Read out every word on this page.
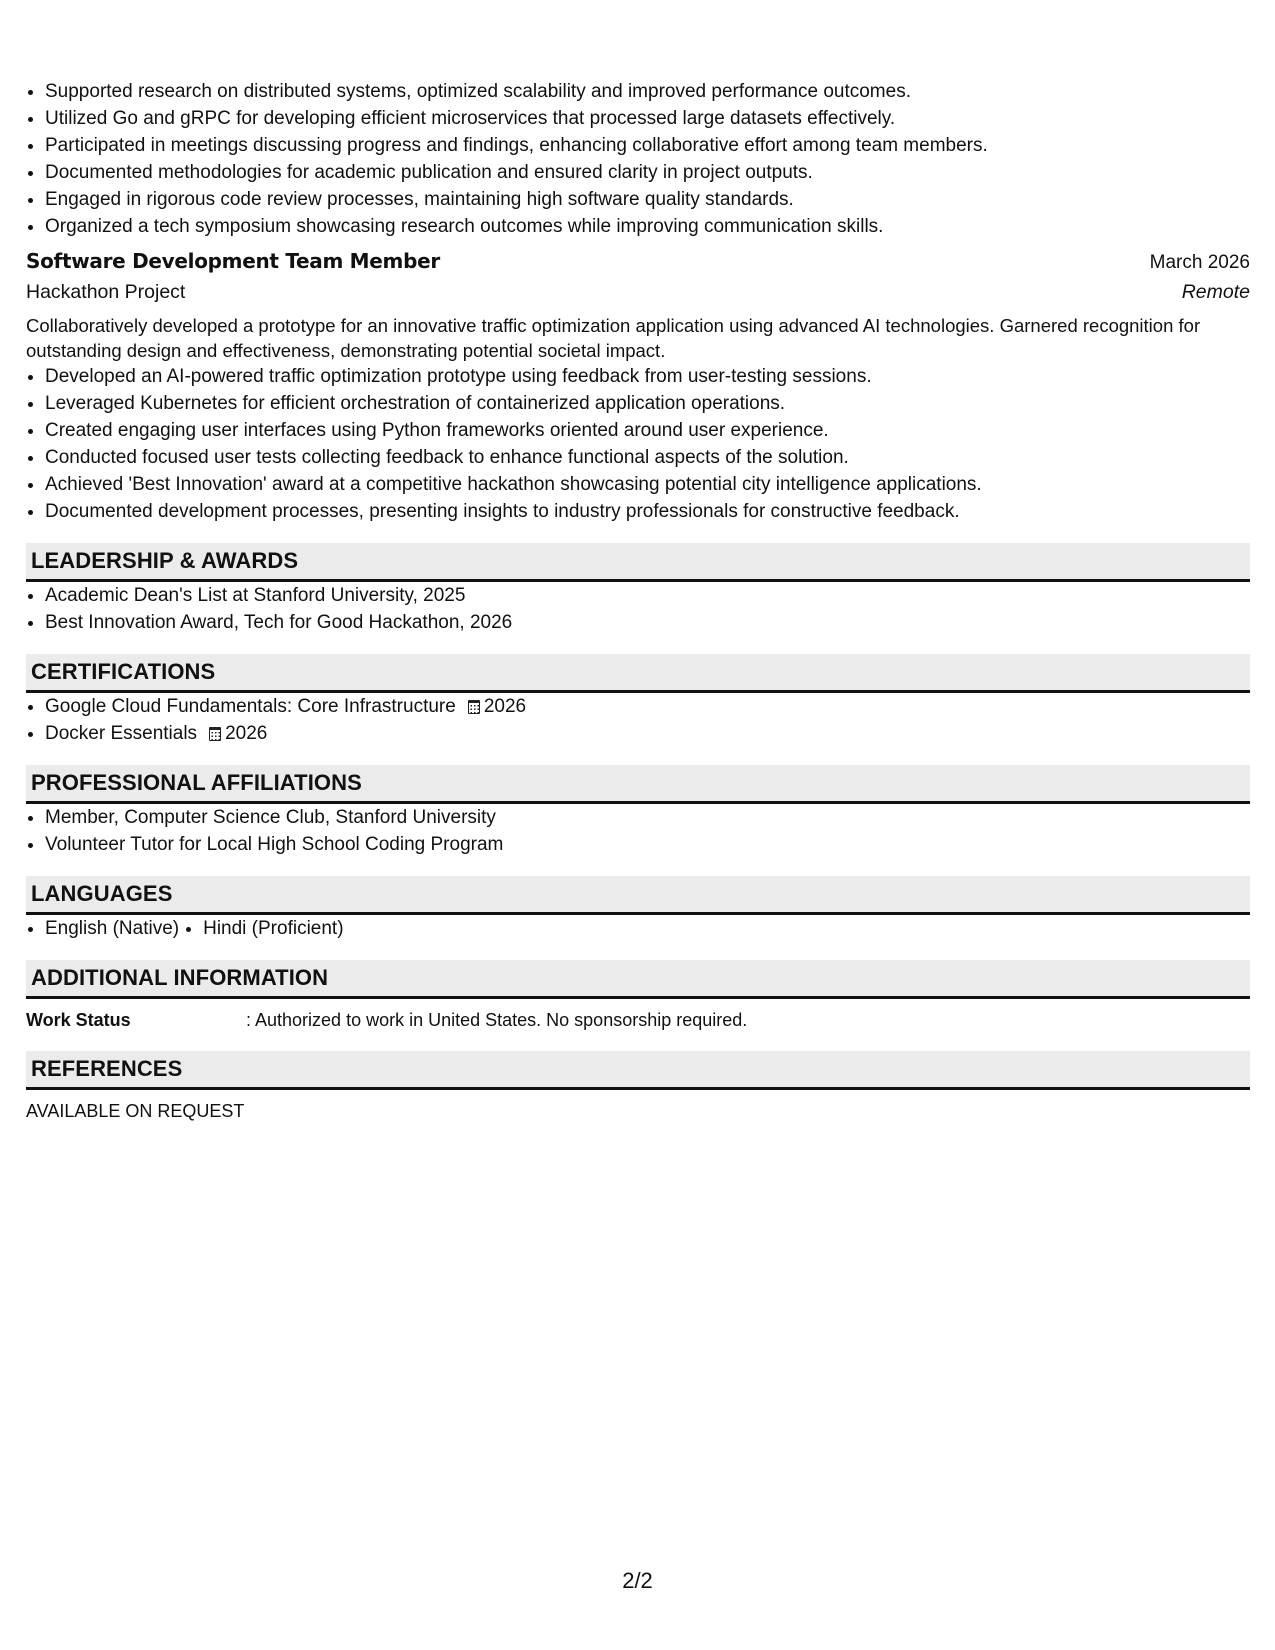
• Supported research on distributed systems, optimized scalability and improved performance outcomes.
• Utilized Go and gRPC for developing efficient microservices that processed large datasets effectively.
• Participated in meetings discussing progress and findings, enhancing collaborative effort among team members.
• Documented methodologies for academic publication and ensured clarity in project outputs.
• Engaged in rigorous code review processes, maintaining high software quality standards.
• Organized a tech symposium showcasing research outcomes while improving communication skills.
Software Development Team Member	March 2026
Hackathon Project	Remote
Collaboratively developed a prototype for an innovative traffic optimization application using advanced AI technologies. Garnered recognition for outstanding design and effectiveness, demonstrating potential societal impact.
• Developed an AI-powered traffic optimization prototype using feedback from user-testing sessions.
• Leveraged Kubernetes for efficient orchestration of containerized application operations.
• Created engaging user interfaces using Python frameworks oriented around user experience.
• Conducted focused user tests collecting feedback to enhance functional aspects of the solution.
• Achieved 'Best Innovation' award at a competitive hackathon showcasing potential city intelligence applications.
• Documented development processes, presenting insights to industry professionals for constructive feedback.
LEADERSHIP & AWARDS
• Academic Dean's List at Stanford University, 2025
• Best Innovation Award, Tech for Good Hackathon, 2026
CERTIFICATIONS
• Google Cloud Fundamentals: Core Infrastructure 2026
• Docker Essentials 2026
PROFESSIONAL AFFILIATIONS
• Member, Computer Science Club, Stanford University
• Volunteer Tutor for Local High School Coding Program
LANGUAGES
• English (Native)
• Hindi (Proficient)
ADDITIONAL INFORMATION
Work Status	: Authorized to work in United States. No sponsorship required.
REFERENCES
AVAILABLE ON REQUEST
2/2
